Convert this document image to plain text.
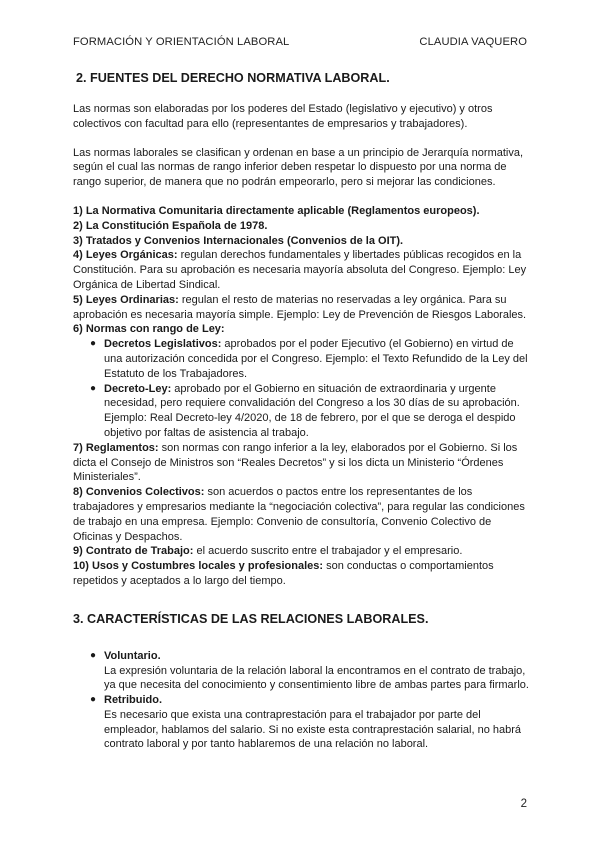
FORMACIÓN Y ORIENTACIÓN LABORAL	CLAUDIA VAQUERO
2. FUENTES DEL DERECHO NORMATIVA LABORAL.

Las normas son elaboradas por los poderes del Estado (legislativo y ejecutivo) y otros colectivos con facultad para ello (representantes de empresarios y trabajadores).

Las normas laborales se clasifican y ordenan en base a un principio de Jerarquía normativa, según el cual las normas de rango inferior deben respetar lo dispuesto por una norma de rango superior, de manera que no podrán empeorarlo, pero si mejorar las condiciones.

1) La Normativa Comunitaria directamente aplicable (Reglamentos europeos).

2) La Constitución Española de 1978.

3) Tratados y Convenios Internacionales (Convenios de la OIT).

4) Leyes Orgánicas: regulan derechos fundamentales y libertades públicas recogidos en la Constitución. Para su aprobación es necesaria mayoría absoluta del Congreso. Ejemplo: Ley Orgánica de Libertad Sindical.

5) Leyes Ordinarias: regulan el resto de materias no reservadas a ley orgánica. Para su aprobación es necesaria mayoría simple. Ejemplo: Ley de Prevención de Riesgos Laborales.

6) Normas con rango de Ley:

● Decretos Legislativos: aprobados por el poder Ejecutivo (el Gobierno) en virtud de una autorización concedida por el Congreso. Ejemplo: el Texto Refundido de la Ley del Estatuto de los Trabajadores.
● Decreto-Ley: aprobado por el Gobierno en situación de extraordinaria y urgente necesidad, pero requiere convalidación del Congreso a los 30 días de su aprobación. Ejemplo: Real Decreto-ley 4/2020, de 18 de febrero, por el que se deroga el despido objetivo por faltas de asistencia al trabajo.

7) Reglamentos: son normas con rango inferior a la ley, elaborados por el Gobierno. Si los dicta el Consejo de Ministros son “Reales Decretos” y si los dicta un Ministerio “Órdenes Ministeriales”.

8) Convenios Colectivos: son acuerdos o pactos entre los representantes de los trabajadores y empresarios mediante la “negociación colectiva”, para regular las condiciones de trabajo en una empresa. Ejemplo: Convenio de consultoría, Convenio Colectivo de Oficinas y Despachos.

9) Contrato de Trabajo: el acuerdo suscrito entre el trabajador y el empresario.

10) Usos y Costumbres locales y profesionales: son conductas o comportamientos repetidos y aceptados a lo largo del tiempo.

3. CARACTERÍSTICAS DE LAS RELACIONES LABORALES.
● Voluntario.
La expresión voluntaria de la relación laboral la encontramos en el contrato de trabajo, ya que necesita del conocimiento y consentimiento libre de ambas partes para firmarlo.
● Retribuido.
Es necesario que exista una contraprestación para el trabajador por parte del empleador, hablamos del salario. Si no existe esta contraprestación salarial, no habrá contrato laboral y por tanto hablaremos de una relación no laboral.
2
